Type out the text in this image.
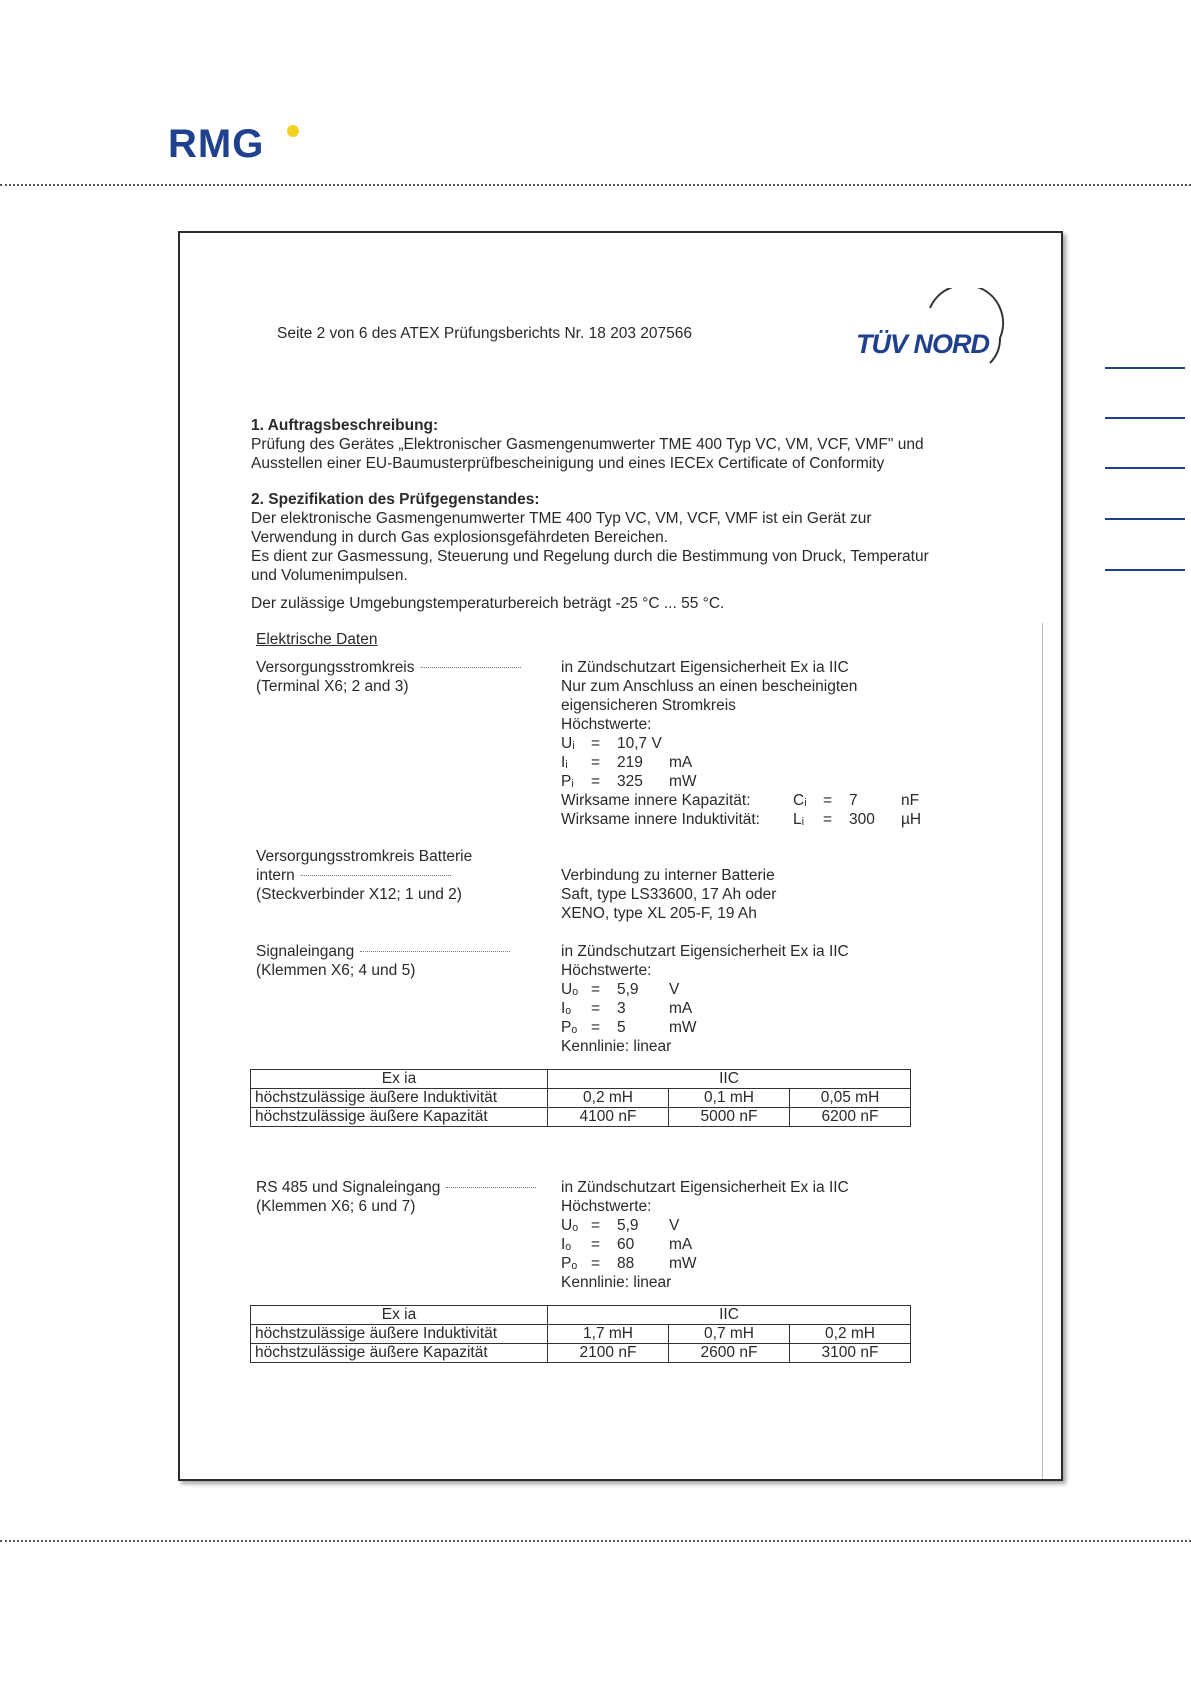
RMG
Seite 2 von 6 des ATEX Prüfungsberichts Nr. 18 203 207566	TÜV NORD
1. Auftragsbeschreibung:
Prüfung des Gerätes „Elektronischer Gasmengenumwerter TME 400 Typ VC, VM, VCF, VMF" und
Ausstellen einer EU-Baumusterprüfbescheinigung und eines IECEx Certificate of Conformity
2. Spezifikation des Prüfgegenstandes:
Der elektronische Gasmengenumwerter TME 400 Typ VC, VM, VCF, VMF ist ein Gerät zur
Verwendung in durch Gas explosionsgefährdeten Bereichen.
Es dient zur Gasmessung, Steuerung und Regelung durch die Bestimmung von Druck, Temperatur
und Volumenimpulsen.
Der zulässige Umgebungstemperaturbereich beträgt -25 °C ... 55 °C.
Elektrische Daten
Versorgungsstromkreis
(Terminal X6; 2 and 3)
in Zündschutzart Eigensicherheit Ex ia IIC
Nur zum Anschluss an einen bescheinigten
eigensicheren Stromkreis
Höchstwerte:
Uᵢ = 10,7 V
Iᵢ = 219 mA
Pᵢ = 325 mW
Wirksame innere Kapazität:	Cᵢ = 7	nF
Wirksame innere Induktivität: Lᵢ = 300 µH
Versorgungsstromkreis Batterie
intern
(Steckverbinder X12; 1 und 2)
Verbindung zu interner Batterie
Saft, type LS33600, 17 Ah oder
XENO, type XL 205-F, 19 Ah
Signaleingang
(Klemmen X6; 4 und 5)
in Zündschutzart Eigensicherheit Ex ia IIC
Höchstwerte:
Uₒ = 5,9 V
Iₒ = 3	mA
Pₒ = 5	mW
Kennlinie: linear
Ex ia	IIC		
höchstzulässige äußere Induktivität	0,2 mH	0,1 mH	0,05 mH
höchstzulässige äußere Kapazität	4100 nF	5000 nF	6200 nF
RS 485 und Signaleingang
(Klemmen X6; 6 und 7)
in Zündschutzart Eigensicherheit Ex ia IIC
Höchstwerte:
Uₒ = 5,9 V
Iₒ = 60 mA
Pₒ = 88 mW
Kennlinie: linear
Ex ia	IIC		
höchstzulässige äußere Induktivität	1,7 mH	0,7 mH	0,2 mH
höchstzulässige äußere Kapazität	2100 nF	2600 nF	3100 nF
